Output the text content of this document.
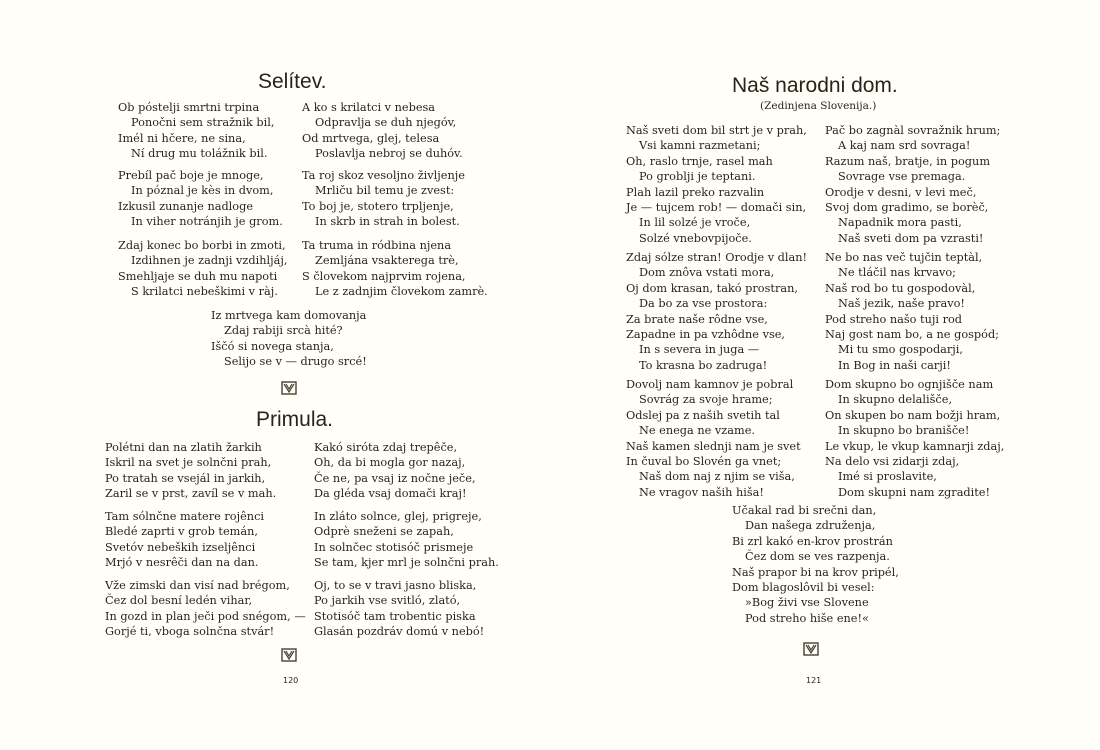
Selítev.
Ob póstelji smrtni trpina
Ponočni sem stražnik bil,
Imél ni hčere, ne sina,
Ní drug mu tolážnik bil.
Prebíl pač boje je mnoge,
In póznal je kès in dvom,
Izkusil zunanje nadloge
In viher notránjih je grom.
Zdaj konec bo borbi in zmoti,
Izdihnen je zadnji vzdihljáj,
Smehljaje se duh mu napoti
S krilatci nebeškimi v ràj.
A ko s krilatci v nebesa
Odpravlja se duh njegóv,
Od mrtvega, glej, telesa
Poslavlja nebroj se duhóv.
Ta roj skoz vesoljno življenje
Mrliču bil temu je zvest:
To boj je, stotero trpljenje,
In skrb in strah in bolest.
Ta truma in ródbina njena
Zemljána vsakterega trè,
S človekom najprvim rojena,
Le z zadnjim človekom zamrè.
Iz mrtvega kam domovanja
Zdaj rabiji srcà hité?
Iščó si novega stanja,
Selijo se v — drugo srcé!
Primula.
Polétni dan na zlatih žarkih
Iskril na svet je solnčni prah,
Po tratah se vsejál in jarkih,
Zaril se v prst, zavíl se v mah.
Tam sólnčne matere rojênci
Bledé zaprti v grob temán,
Svetóv nebeških izseljênci
Mrjó v nesrêči dan na dan.
Vže zimski dan visí nad brégom,
Čez dol besní ledén vihar,
In gozd in plan ječi pod snégom, —
Gorjé ti, vboga solnčna stvár!
Kakó siróta zdaj trepêče,
Oh, da bi mogla gor nazaj,
Če ne, pa vsaj iz nočne ječe,
Da gléda vsaj domači kraj!
In zláto solnce, glej, prigreje,
Odprè sneženi se zapah,
In solnčec stotisóč prismeje
Se tam, kjer mrl je solnčni prah.
Oj, to se v travi jasno bliska,
Po jarkih vse svitló, zlató,
Stotisóč tam trobentic piska
Glasán pozdráv domú v nebó!
120
Naš narodni dom.
(Zedinjena Slovenija.)
Naš sveti dom bil strt je v prah,
Vsi kamni razmetani;
Oh, raslo trnje, rasel mah
Po groblji je teptani.
Plah lazil preko razvalin
Je — tujcem rob! — domači sin,
In lil solzé je vroče,
Solzé vnebovpijoče.
Zdaj sólze stran! Orodje v dlan!
Dom znôva vstati mora,
Oj dom krasan, takó prostran,
Da bo za vse prostora:
Za brate naše rôdne vse,
Zapadne in pa vzhôdne vse,
In s severa in juga —
To krasna bo zadruga!
Dovolj nam kamnov je pobral
Sovrág za svoje hrame;
Odslej pa z naših svetih tal
Ne enega ne vzame.
Naš kamen slednji nam je svet
In čuval bo Slovén ga vnet;
Naš dom naj z njim se viša,
Ne vragov naših hiša!
Pač bo zagnàl sovražnik hrum;
A kaj nam srd sovraga!
Razum naš, bratje, in pogum
Sovrage vse premaga.
Orodje v desni, v levi meč,
Svoj dom gradimo, se borèč,
Napadnik mora pasti,
Naš sveti dom pa vzrasti!
Ne bo nas več tujčin teptàl,
Ne tláčil nas krvavo;
Naš rod bo tu gospodovàl,
Naš jezik, naše pravo!
Pod streho našo tuji rod
Naj gost nam bo, a ne gospód;
Mi tu smo gospodarji,
In Bog in naši carji!
Dom skupno bo ognjišče nam
In skupno delališče,
On skupen bo nam božji hram,
In skupno bo branišče!
Le vkup, le vkup kamnarji zdaj,
Na delo vsi zidarji zdaj,
Imé si proslavite,
Dom skupni nam zgradite!
Učakal rad bi srečni dan,
Dan našega združenja,
Bi zrl kakó en-krov prostrán
Čez dom se ves razpenja.
Naš prapor bi na krov pripél,
Dom blagoslôvil bi vesel:
»Bog živi vse Slovene
Pod streho hiše ene!«
121
